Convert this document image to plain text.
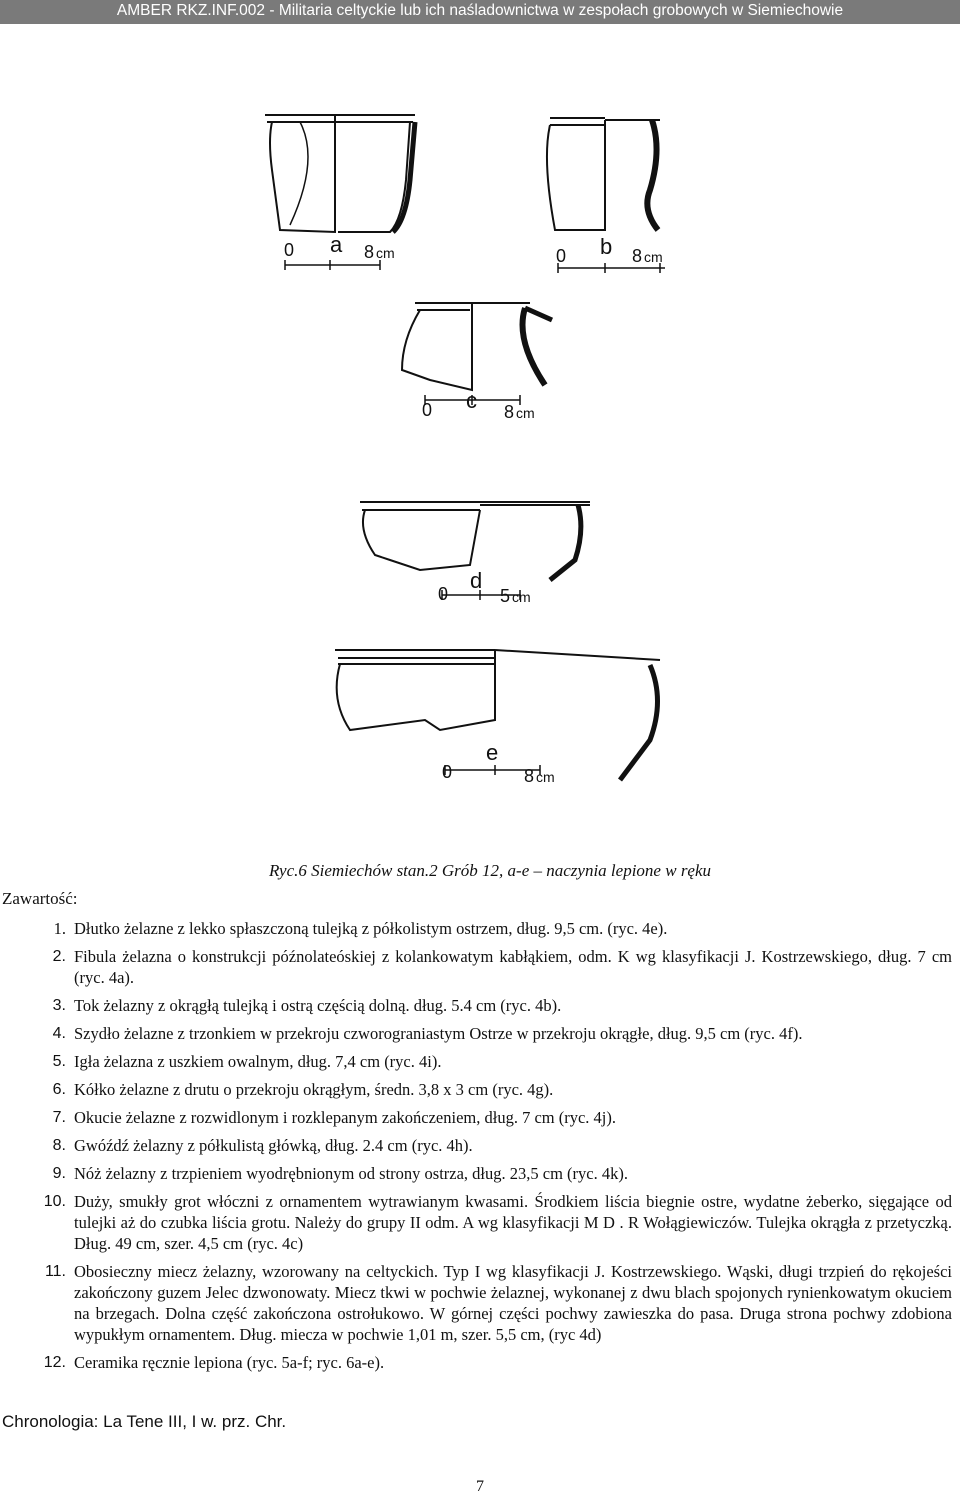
AMBER RKZ.INF.002 - Militaria celtyckie lub ich naśladownictwa w zespołach grobowych w Siemiechowie
0 a 8 cm	0 b 8 cm
0 c 8 cm
0
d
5 cm
0
e
8 cm
Ryc.6 Siemiechów stan.2 Grób 12, a-e – naczynia lepione w ręku
Zawartość:
1. Dłutko żelazne z lekko spłaszczoną tulejką z półkolistym ostrzem, dług. 9,5 cm. (ryc. 4e).
2. Fibula żelazna o konstrukcji późnolateóskiej z kolankowatym kabłąkiem, odm. K wg klasyfikacji J. Kostrzewskiego, dług. 7 cm (ryc. 4a).
3. Tok żelazny z okrągłą tulejką i ostrą częścią dolną. dług. 5.4 cm (ryc. 4b).
4. Szydło żelazne z trzonkiem w przekroju czworograniastym Ostrze w przekroju okrągłe, dług. 9,5 cm (ryc. 4f).
5. Igła żelazna z uszkiem owalnym, dług. 7,4 cm (ryc. 4i).
6. Kółko żelazne z drutu o przekroju okrągłym, średn. 3,8 x 3 cm (ryc. 4g).
7. Okucie żelazne z rozwidlonym i rozklepanym zakończeniem, dług. 7 cm (ryc. 4j).
8. Gwóźdź żelazny z półkulistą główką, dług. 2.4 cm (ryc. 4h).
9. Nóż żelazny z trzpieniem wyodrębnionym od strony ostrza, dług. 23,5 cm (ryc. 4k).
10. Duży, smukły grot włóczni z ornamentem wytrawianym kwasami. Środkiem liścia biegnie ostre, wydatne żeberko, sięgające od tulejki aż do czubka liścia grotu. Należy do grupy II odm. A wg klasyfikacji M D . R Wołągiewiczów. Tulejka okrągła z przetyczką. Dług. 49 cm, szer. 4,5 cm (ryc. 4c)
11. Obosieczny miecz żelazny, wzorowany na celtyckich. Typ I wg klasyfikacji J. Kostrzewskiego. Wąski, długi trzpień do rękojeści zakończony guzem Jelec dzwonowaty. Miecz tkwi w pochwie żelaznej, wykonanej z dwu blach spojonych rynienkowatym okuciem na brzegach. Dolna część zakończona ostrołukowo. W górnej części pochwy zawieszka do pasa. Druga strona pochwy zdobiona wypukłym ornamentem. Dług. miecza w pochwie 1,01 m, szer. 5,5 cm, (ryc 4d)
12. Ceramika ręcznie lepiona (ryc. 5a-f; ryc. 6a-e).
Chronologia: La Tene III, I w. prz. Chr.
7
